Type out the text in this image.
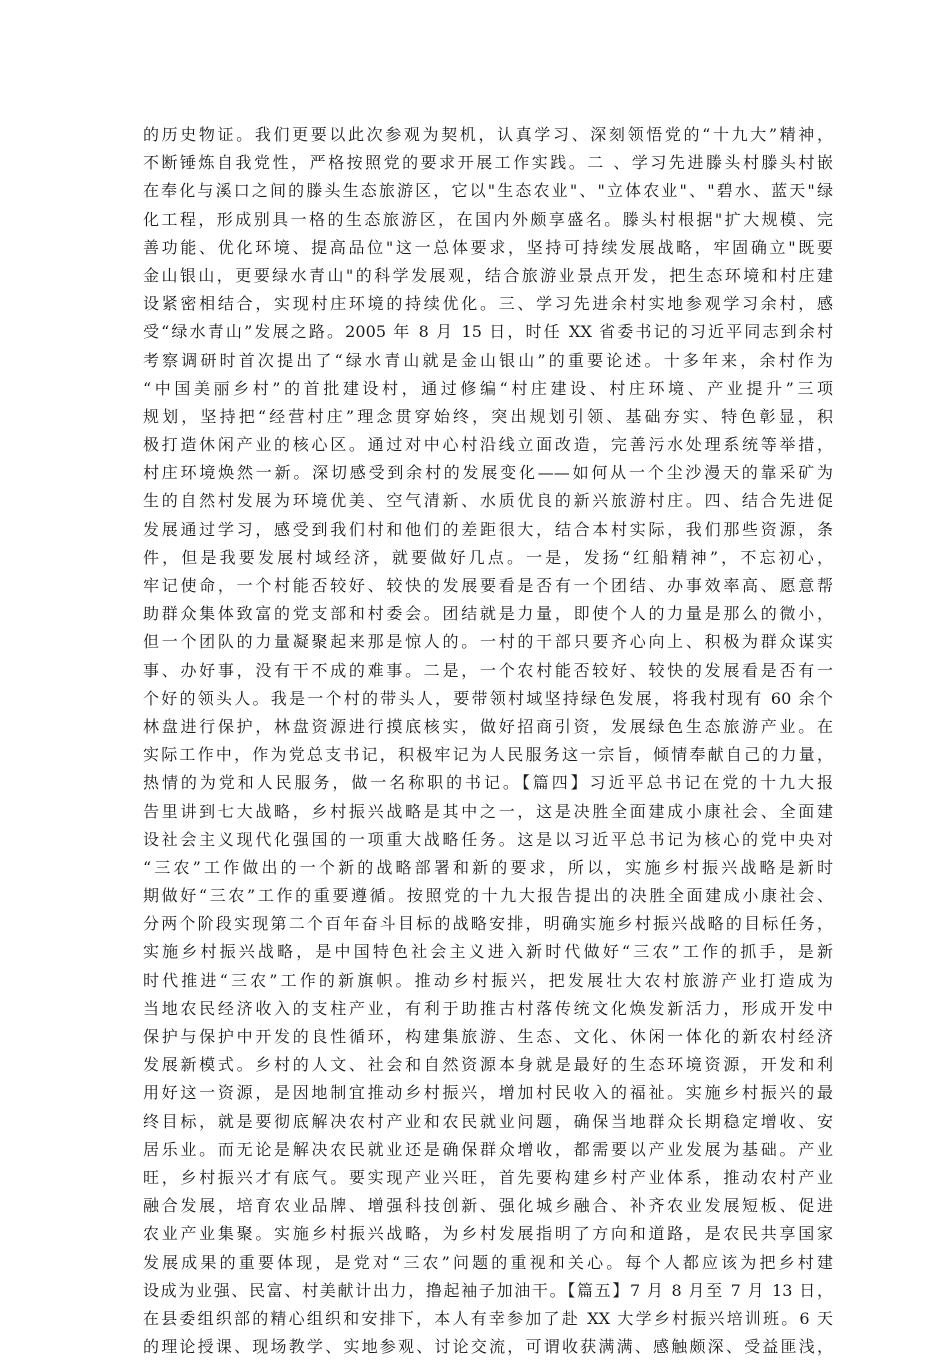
的历史物证。我们更要以此次参观为契机，认真学习、深刻领悟党的“十九大”精神，
不断锤炼自我党性，严格按照党的要求开展工作实践。二 、学习先进滕头村滕头村嵌
在奉化与溪口之间的滕头生态旅游区，它以"生态农业"、"立体农业"、"碧水、蓝天"绿
化工程，形成别具一格的生态旅游区，在国内外颇享盛名。滕头村根据"扩大规模、完
善功能、优化环境、提高品位"这一总体要求，坚持可持续发展战略，牢固确立"既要
金山银山，更要绿水青山"的科学发展观，结合旅游业景点开发，把生态环境和村庄建
设紧密相结合，实现村庄环境的持续优化。三、学习先进余村实地参观学习余村，感
受“绿水青山”发展之路。2005 年 8 月 15 日，时任 XX 省委书记的习近平同志到余村
考察调研时首次提出了“绿水青山就是金山银山”的重要论述。十多年来，余村作为
“中国美丽乡村”的首批建设村，通过修编“村庄建设、村庄环境、产业提升”三项
规划，坚持把“经营村庄”理念贯穿始终，突出规划引领、基础夯实、特色彰显，积
极打造休闲产业的核心区。通过对中心村沿线立面改造，完善污水处理系统等举措，
村庄环境焕然一新。深切感受到余村的发展变化——如何从一个尘沙漫天的靠采矿为
生的自然村发展为环境优美、空气清新、水质优良的新兴旅游村庄。四、结合先进促
发展通过学习，感受到我们村和他们的差距很大，结合本村实际，我们那些资源，条
件，但是我要发展村域经济，就要做好几点。一是，发扬“红船精神”，不忘初心，
牢记使命，一个村能否较好、较快的发展要看是否有一个团结、办事效率高、愿意帮
助群众集体致富的党支部和村委会。团结就是力量，即使个人的力量是那么的微小，
但一个团队的力量凝聚起来那是惊人的。一村的干部只要齐心向上、积极为群众谋实
事、办好事，没有干不成的难事。二是，一个农村能否较好、较快的发展看是否有一
个好的领头人。我是一个村的带头人，要带领村域坚持绿色发展，将我村现有 60 余个
林盘进行保护，林盘资源进行摸底核实，做好招商引资，发展绿色生态旅游产业。在
实际工作中，作为党总支书记，积极牢记为人民服务这一宗旨，倾情奉献自己的力量，
热情的为党和人民服务，做一名称职的书记。【篇四】习近平总书记在党的十九大报
告里讲到七大战略，乡村振兴战略是其中之一，这是决胜全面建成小康社会、全面建
设社会主义现代化强国的一项重大战略任务。这是以习近平总书记为核心的党中央对
“三农”工作做出的一个新的战略部署和新的要求，所以，实施乡村振兴战略是新时
期做好“三农”工作的重要遵循。按照党的十九大报告提出的决胜全面建成小康社会、
分两个阶段实现第二个百年奋斗目标的战略安排，明确实施乡村振兴战略的目标任务，
实施乡村振兴战略，是中国特色社会主义进入新时代做好“三农”工作的抓手，是新
时代推进“三农”工作的新旗帜。推动乡村振兴，把发展壮大农村旅游产业打造成为
当地农民经济收入的支柱产业，有利于助推古村落传统文化焕发新活力，形成开发中
保护与保护中开发的良性循环，构建集旅游、生态、文化、休闲一体化的新农村经济
发展新模式。乡村的人文、社会和自然资源本身就是最好的生态环境资源，开发和利
用好这一资源，是因地制宜推动乡村振兴，增加村民收入的福祉。实施乡村振兴的最
终目标，就是要彻底解决农村产业和农民就业问题，确保当地群众长期稳定增收、安
居乐业。而无论是解决农民就业还是确保群众增收，都需要以产业发展为基础。产业
旺，乡村振兴才有底气。要实现产业兴旺，首先要构建乡村产业体系，推动农村产业
融合发展，培育农业品牌、增强科技创新、强化城乡融合、补齐农业发展短板、促进
农业产业集聚。实施乡村振兴战略，为乡村发展指明了方向和道路，是农民共享国家
发展成果的重要体现，是党对“三农”问题的重视和关心。每个人都应该为把乡村建
设成为业强、民富、村美献计出力，撸起袖子加油干。【篇五】7 月 8 月至 7 月 13 日，
在县委组织部的精心组织和安排下，本人有幸参加了赴 XX 大学乡村振兴培训班。6 天
的理论授课、现场教学、实地参观、讨论交流，可谓收获满满、感触颇深、受益匪浅，
